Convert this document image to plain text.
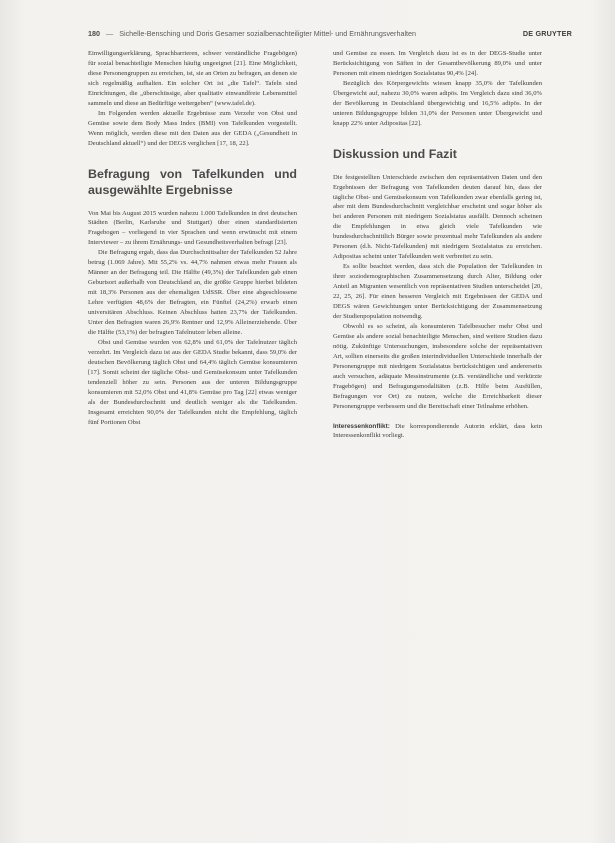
180 — Sichelle-Bensching und Doris Gesamer sozialbenachteiligter Mittel- und Ernährungsverhalten	DE GRUYTER

Einwilligungserklärung, Sprachbarrieren, schwer verständliche Fragebögen) für sozial benachteiligte Menschen häufig ungeeignet [21]. Eine Möglichkeit, diese Personengruppen zu erreichen, ist, sie an Orten zu befragen, an denen sie sich regelmäßig aufhalten. Ein solcher Ort ist „die Tafel“. Tafeln sind Einrichtungen, die „überschüssige, aber qualitativ einwandfreie Lebensmittel sammeln und diese an Bedürftige weitergeben“ (www.tafel.de).

Im Folgenden werden aktuelle Ergebnisse zum Verzehr von Obst und Gemüse sowie dem Body Mass Index (BMI) von Tafelkunden vorgestellt. Wenn möglich, werden diese mit den Daten aus der GEDA („Gesundheit in Deutschland aktuell“) und der DEGS verglichen [17, 18, 22].

Befragung von Tafelkunden und ausgewählte Ergebnisse

Von Mai bis August 2015 wurden nahezu 1.000 Tafelkunden in drei deutschen Städten (Berlin, Karlsruhe und Stuttgart) über einen standardisierten Fragebogen – vorliegend in vier Sprachen und wenn erwünscht mit einem Interviewer – zu ihrem Ernährungs- und Gesundheitsverhalten befragt [23].

Die Befragung ergab, dass das Durchschnittsalter der Tafelkunden 52 Jahre betrug (1.069 Jahre). Mit 55,2% vs. 44,7% nahmen etwas mehr Frauen als Männer an der Befragung teil. Die Hälfte (49,3%) der Tafelkunden gab einen Geburtsort außerhalb von Deutschland an, die größte Gruppe hierbei bildeten mit 18,3% Personen aus der ehemaligen UdSSR. Über eine abgeschlossene Lehre verfügten 48,6% der Befragten, ein Fünftel (24,2%) erwarb einen universitären Abschluss. Keinen Abschluss hatten 23,7% der Tafelkunden. Unter den Befragten waren 26,9% Rentner und 12,9% Alleinerziehende. Über die Hälfte (53,1%) der befragten Tafelnutzer leben alleine.

Obst und Gemüse wurden von 62,8% und 61,0% der Tafelnutzer täglich verzehrt. Im Vergleich dazu ist aus der GEDA Studie bekannt, dass 59,0% der deutschen Bevölkerung täglich Obst und 64,4% täglich Gemüse konsumieren [17]. Somit scheint der tägliche Obst- und Gemüsekonsum unter Tafelkunden tendenziell höher zu sein. Personen aus der unteren Bildungsgruppe konsumieren mit 52,0% Obst und 41,8% Gemüse pro Tag [22] etwas weniger als der Bundesdurchschnitt und deutlich weniger als die Tafelkunden. Insgesamt erreichten 90,0% der Tafelkunden nicht die Empfehlung, täglich fünf Portionen Obst

und Gemüse zu essen. Im Vergleich dazu ist es in der DEGS-Studie unter Berücksichtigung von Säften in der Gesamtbevölkerung 89,0% und unter Personen mit einem niedrigen Sozialstatus 90,4% [24].

Bezüglich des Körpergewichts wiesen knapp 35,0% der Tafelkunden Übergewicht auf, nahezu 30,0% waren adipös. Im Vergleich dazu sind 36,0% der Bevölkerung in Deutschland übergewichtig und 16,5% adipös. In der unteren Bildungsgruppe bilden 31,0% der Personen unter Übergewicht und knapp 22% unter Adipositas [22].

Diskussion und Fazit

Die festgestellten Unterschiede zwischen den repräsentativen Daten und den Ergebnissen der Befragung von Tafelkunden deuten darauf hin, dass der tägliche Obst- und Gemüsekonsum von Tafelkunden zwar ebenfalls gering ist, aber mit dem Bundesdurchschnitt vergleichbar erscheint und sogar höher als bei anderen Personen mit niedrigem Sozialstatus ausfällt. Dennoch scheinen die Empfehlungen in etwa gleich viele Tafelkunden wie bundesdurchschnittlich Bürger sowie prozentual mehr Tafelkunden als andere Personen (d.h. Nicht-Tafelkunden) mit niedrigem Sozialstatus zu erreichen. Adipositas scheint unter Tafelkunden weit verbreitet zu sein.

Es sollte beachtet werden, dass sich die Population der Tafelkunden in ihrer soziodemographischen Zusammensetzung durch Alter, Bildung oder Anteil an Migranten wesentlich von repräsentativen Studien unterscheidet [20, 22, 25, 26]. Für einen besseren Vergleich mit Ergebnissen der GEDA und DEGS wären Gewichtungen unter Berücksichtigung der Zusammensetzung der Studienpopulation notwendig.

Obwohl es so scheint, als konsumieren Tafelbesucher mehr Obst und Gemüse als andere sozial benachteiligte Menschen, sind weitere Studien dazu nötig. Zukünftige Untersuchungen, insbesondere solche der repräsentativen Art, sollten einerseits die großen interindividuellen Unterschiede innerhalb der Personengruppe mit niedrigem Sozialstatus berücksichtigen und andererseits auch versuchen, adäquate Messinstrumente (z.B. verständliche und verkürzte Fragebögen) und Befragungsmodalitäten (z.B. Hilfe beim Ausfüllen, Befragungen vor Ort) zu nutzen, welche die Erreichbarkeit dieser Personengruppe verbessern und die Bereitschaft einer Teilnahme erhöhen.

Interessenkonflikt: Die korrespondierende Autorin erklärt, dass kein Interessenkonflikt vorliegt.
